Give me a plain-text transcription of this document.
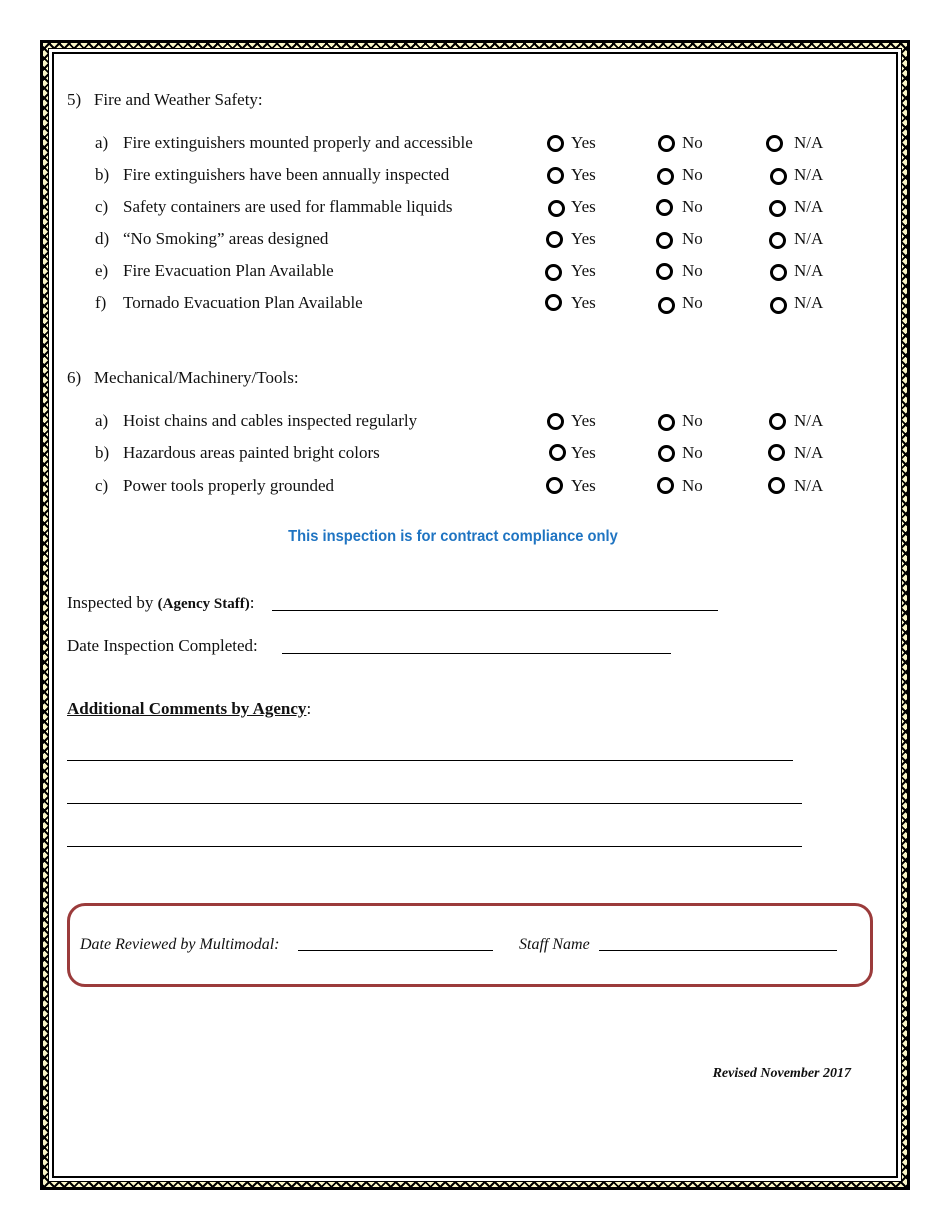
5)   Fire and Weather Safety:
a) Fire extinguishers mounted properly and accessible	Yes	No	N/A
b) Fire extinguishers have been annually inspected	Yes	No	N/A
c) Safety containers are used for flammable liquids	Yes	No	N/A
d) “No Smoking” areas designed	Yes	No	N/A
e) Fire Evacuation Plan Available	Yes	No	N/A
f) Tornado Evacuation Plan Available	Yes	No	N/A
6)   Mechanical/Machinery/Tools:
a) Hoist chains and cables inspected regularly	Yes	No	N/A
b) Hazardous areas painted bright colors	Yes	No	N/A
c) Power tools properly grounded	Yes	No	N/A
This inspection is for contract compliance only
Inspected by (Agency Staff):
Date Inspection Completed:
Additional Comments by Agency:
Date Reviewed by Multimodal:	Staff Name
Revised November 2017
